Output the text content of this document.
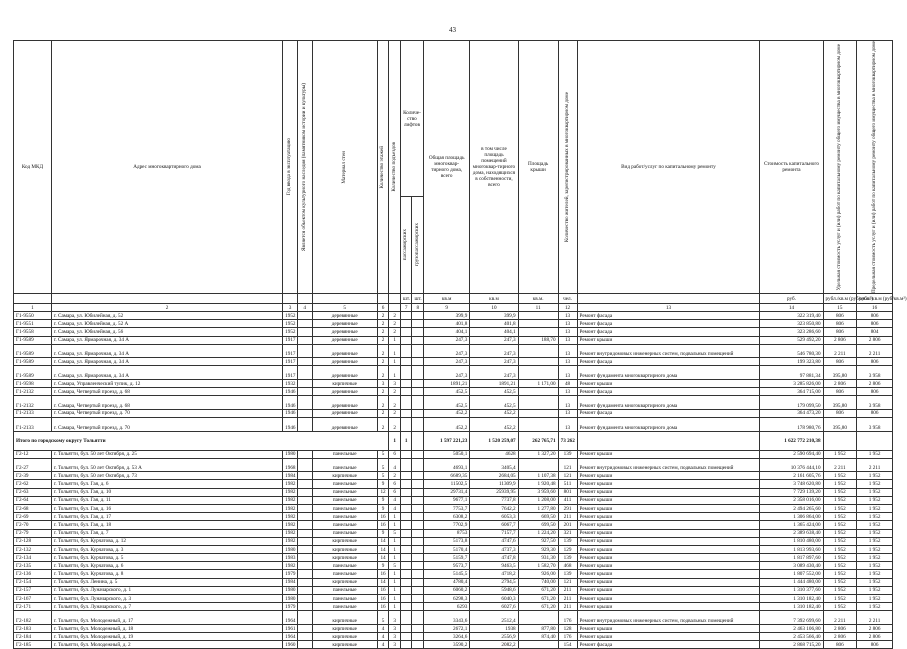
43
Код МКД	Адрес многоквартирного дома	Год ввода в эксплуатацию	Является объектом культурного наследия (памятником истории и культуры)	Материал стен	Количество этажей	Количество подъездов	Количе-ство лифтов		Общая площадь многоквар-тирного дома, всего	в том числе площадь помещений многоквар-тирного дома, находящихся в собственности, всего	Площадь крыши	Количество жителей, зарегистрированных в многоквартирном доме	Вид работ/услуг по капитальному ремонту	Стоимость капитального ремонта	Удельная стоимость услуг и (или) работ по капитальному ремонту общего имущества в многоквартирном доме	Предельная стоимость услуг и (или) работ по капитальному ремонту общего имущества в многоквартирном доме

							пассажирских	грузопассажирских								

							шт.	шт.	кв.м	кв.м	кв.м.	чел.		руб.	рубл./кв.м (руб/кв.м²)	рубл./кв.м (руб/кв.м²)
1	2	3	4	5	6		7	8	9	10	11	12	13	14	15	16
Г1-9550	г. Самара, ул. Юбилейная, д. 52	1952		деревянные	2	2			399,9	399,9		13	Ремонт фасада	322 319,40	806	806
Г1-9551	г. Самара, ул. Юбилейная, д. 52 А	1952		деревянные	2	2			401,8	401,8		13	Ремонт фасада	323 850,80	806	806
Г1-9558	г. Самара, ул. Юбилейная, д. 56	1952		деревянные	2	2			404,1	404,1		13	Ремонт фасада	323 286,60	806	804
Г1-9589	г. Самара, ул. Ярмарочная, д. 34 А	1917		деревянные	2	1			247,3	247,3	188,70	13	Ремонт крыши	529 492,20	2 806	2 806
Г1-9589	г. Самара, ул. Ярмарочная, д. 34 А	1917		деревянные	2	1			247,3	247,3		13	Ремонт внутридомовых инженерных систем, подвальных помещений	546 780,30	2 211	2 211
Г1-9589	г. Самара, ул. Ярмарочная, д. 34 А	1917		деревянные	2	1			247,3	247,3		13	Ремонт фасада	199 323,80	806	806
Г1-9589	г. Самара, ул. Ярмарочная, д. 34 А	1917		деревянные	2	1			247,3	247,3		13	Ремонт фундамента многоквартирного дома	97 881,34	395,80	3 958
Г1-9598	г. Самара, Управленческий тупик, д. 12	1932		кирпичные	3	3			1891,21	1891,21	1 171,00	48	Ремонт крыши	3 285 826,00	2 806	2 806
Г1-2132	г. Самара, Четвертый проезд, д. 68	1946		деревянные	2	2			452,5	452,5		13	Ремонт фасада	364 715,00	806	806
Г1-2132	г. Самара, Четвертый проезд, д. 68	1946		деревянные	2	2			452,5	452,5		13	Ремонт фундамента многоквартирного дома	179 099,50	395,80	3 958
Г1-2133	г. Самара, Четвертый проезд, д. 70	1946		деревянные	2	2			452,2	452,2		13	Ремонт фасада	364 473,20	806	806
Г1-2133	г. Самара, Четвертый проезд, д. 70	1946		деревянные	2	2			452,2	452,2		13	Ремонт фундамента многоквартирного дома	178 980,76	395,80	3 958
Итого по городскому округу Тольятти						1	1		1 597 221,23	1 520 259,07	262 765,71	73 262		1 622 772 210,38		
Г2-12	г. Тольятти, бул. 50 лет Октября, д. 25	1980		панельные	5	6			5050,1	4628	1 327,20	139	Ремонт крыши	2 590 694,40	1 952	1 952
Г2-27	г. Тольятти, бул. 50 лет Октября, д. 53 А	1968		панельные	5	4			4693,1	3405,4		121	Ремонт внутридомовых инженерных систем, подвальных помещений	10 376 444,10	2 211	2 211
Г2-39	г. Тольятти, бул. 50 лет Октября, д. 73	1984		кирпичные	5	2			6689,35	2684,05	1 107,38	121	Ремонт крыши	2 161 605,76	1 952	1 952
Г2-62	г. Тольятти, бул. Гая, д. 6	1982		панельные	9	6			11502,5	11309,9	1 920,48	511	Ремонт крыши	3 748 620,80	1 952	1 952
Г2-63	г. Тольятти, бул. Гая, д. 10	1982		панельные	12	6			29731,4	25939,95	3 959,60	801	Ремонт крыши	7 729 139,20	1 952	1 952
Г2-64	г. Тольятти, бул. Гая, д. 11	1982		панельные	9	4			9677,1	7737,8	1 208,00	411	Ремонт крыши	2 358 016,00	1 952	1 952
Г2-68	г. Тольятти, бул. Гая, д. 16	1982		панельные	9	4			7753,7	7642,2	1 277,80	291	Ремонт крыши	2 494 265,60	1 952	1 952
Г2-69	г. Тольятти, бул. Гая, д. 17	1982		панельные	16	1			6308,2	6053,3	669,50	211	Ремонт крыши	1 306 864,00	1 952	1 952
Г2-70	г. Тольятти, бул. Гая, д. 18	1982		панельные	16	1			7702,9	6067,7	699,50	201	Ремонт крыши	1 365 424,00	1 952	1 952
Г2-79	г. Тольятти, бул. Гая, д. 7	1982		панельные	9	5			8753	7157,7	1 224,20	321	Ремонт крыши	2 389 638,40	1 952	1 952
Г2-128	г. Тольятти, бул. Курчатова, д. 12	1982		кирпичные	14	1			5173,8	4747,6	927,50	139	Ремонт крыши	1 810 480,00	1 952	1 952
Г2-132	г. Тольятти, бул. Курчатова, д. 3	1980		кирпичные	14	1			5170,4	4737,3	929,30	129	Ремонт крыши	1 813 993,60	1 952	1 952
Г2-134	г. Тольятти, бул. Курчатова, д. 5	1983		кирпичные	14	1			5159,7	4747,8	931,30	139	Ремонт крыши	1 817 897,60	1 952	1 952
Г2-135	г. Тольятти, бул. Курчатова, д. 6	1982		панельные	9	5			9573,7	9463,5	1 582,70	468	Ремонт крыши	3 089 430,40	1 952	1 952
Г2-136	г. Тольятти, бул. Курчатова, д. 8	1979		панельные	16	1			5145,5	4718,2	926,00	139	Ремонт крыши	1 807 552,00	1 952	1 952
Г2-154	г. Тольятти, бул. Ленина, д. 5	1984		кирпичные	14	1			4780,4	2794,5	740,00	121	Ремонт крыши	1 444 480,00	1 952	1 952
Г2-157	г. Тольятти, бул. Луначарского, д. 1	1980		панельные	16	1			6060,2	5948,6	671,20	211	Ремонт крыши	1 310 377,60	1 952	1 952
Г2-167	г. Тольятти, бул. Луначарского, д. 3	1980		панельные	16	1			6298,3	6040,3	671,20	211	Ремонт крыши	1 310 182,40	1 952	1 952
Г2-171	г. Тольятти, бул. Луначарского, д. 7	1979		панельные	16	1			6293	6027,6	671,20	211	Ремонт крыши	1 310 182,40	1 952	1 952
Г2-182	г. Тольятти, бул. Молодежный, д. 17	1964		кирпичные	5	3			3343,6	2512,4		176	Ремонт внутридомовых инженерных систем, подвальных помещений	7 392 699,60	2 211	2 211
Г2-183	г. Тольятти, бул. Молодежный, д. 18	1961		кирпичные	4	3			2672,1	1938	877,80	128	Ремонт крыши	2 463 106,80	2 806	2 806
Г2-184	г. Тольятти, бул. Молодежный, д. 19	1964		кирпичные	4	3			3264,6	2556,9	874,40	176	Ремонт крыши	2 453 566,40	2 806	2 806
Г2-185	г. Тольятти, бул. Молодежный, д. 2	1960		кирпичные	4	3			3590,2	2082,2		154	Ремонт фасада	2 868 715,20	806	806
